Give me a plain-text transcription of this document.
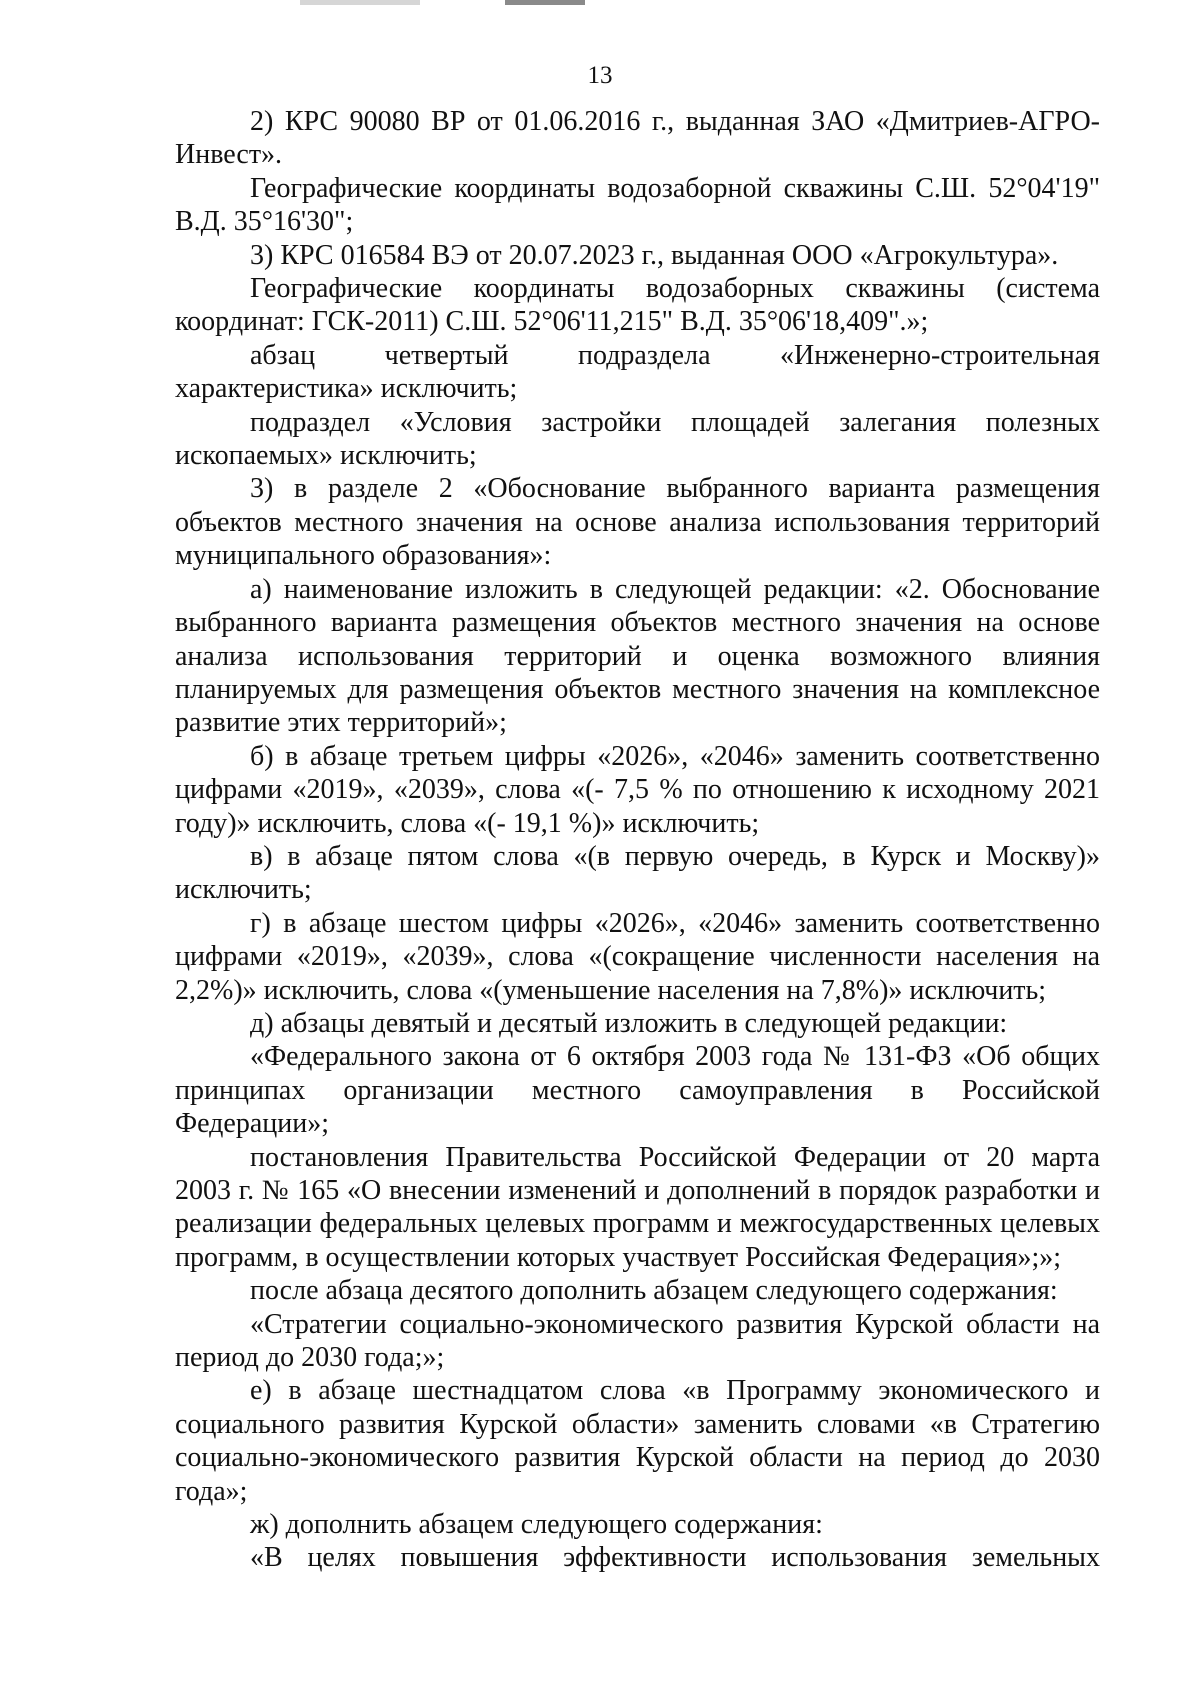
13

2) КРС 90080 ВР от 01.06.2016 г., выданная ЗАО «Дмитриев-АГРО-Инвест».

Географические координаты водозаборной скважины С.Ш. 52°04'19" В.Д. 35°16'30";

3) КРС 016584 ВЭ от 20.07.2023 г., выданная ООО «Агрокультура».

Географические координаты водозаборных скважины (система координат: ГСК-2011) С.Ш. 52°06'11,215" В.Д. 35°06'18,409".»;

абзац четвертый подраздела «Инженерно-строительная характеристика» исключить;

подраздел «Условия застройки площадей залегания полезных ископаемых» исключить;

3) в разделе 2 «Обоснование выбранного варианта размещения объектов местного значения на основе анализа использования территорий муниципального образования»:

а) наименование изложить в следующей редакции: «2. Обоснование выбранного варианта размещения объектов местного значения на основе анализа использования территорий и оценка возможного влияния планируемых для размещения объектов местного значения на комплексное развитие этих территорий»;

б) в абзаце третьем цифры «2026», «2046» заменить соответственно цифрами «2019», «2039», слова «(- 7,5 % по отношению к исходному 2021 году)» исключить, слова «(- 19,1 %)» исключить;

в) в абзаце пятом слова «(в первую очередь, в Курск и Москву)» исключить;

г) в абзаце шестом цифры «2026», «2046» заменить соответственно цифрами «2019», «2039», слова «(сокращение численности населения на 2,2%)» исключить, слова «(уменьшение населения на 7,8%)» исключить;

д) абзацы девятый и десятый изложить в следующей редакции:

«Федерального закона от 6 октября 2003 года № 131-ФЗ «Об общих принципах организации местного самоуправления в Российской Федерации»;

постановления Правительства Российской Федерации от 20 марта 2003 г. № 165 «О внесении изменений и дополнений в порядок разработки и реализации федеральных целевых программ и межгосударственных целевых программ, в осуществлении которых участвует Российская Федерация»;»;

после абзаца десятого дополнить абзацем следующего содержания:

«Стратегии социально-экономического развития Курской области на период до 2030 года;»;

е) в абзаце шестнадцатом слова «в Программу экономического и социального развития Курской области» заменить словами «в Стратегию социально-экономического развития Курской области на период до 2030 года»;

ж) дополнить абзацем следующего содержания:

«В целях повышения эффективности использования земельных
